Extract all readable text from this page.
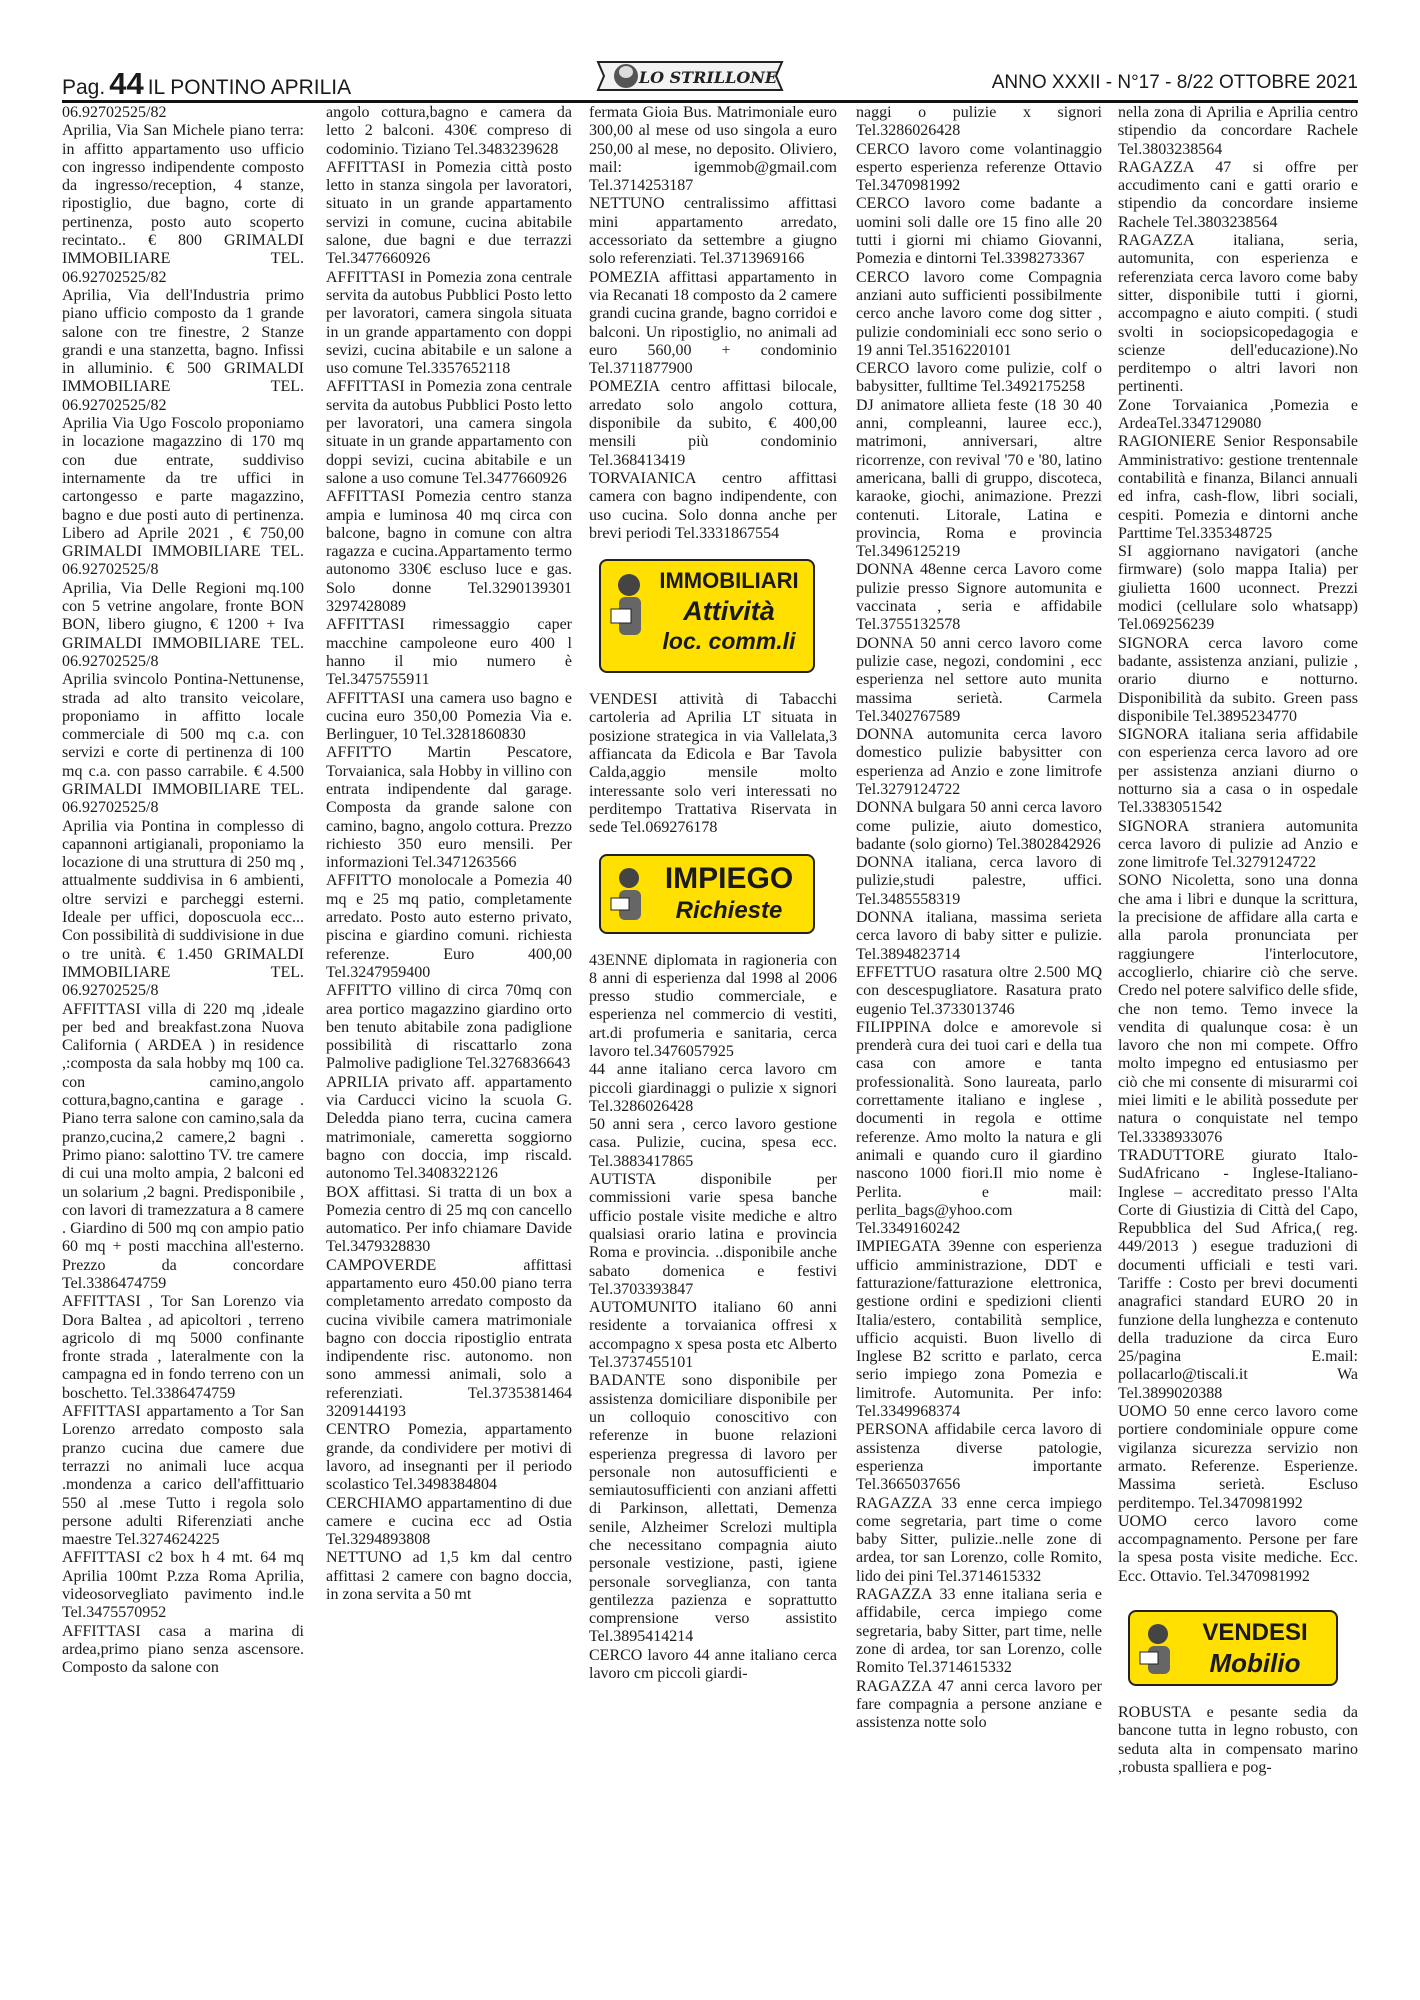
Pag. 44 IL PONTINO APRILIA	LO STRILLONE	ANNO XXXII - N°17 - 8/22 OTTOBRE 2021

06.92702525/82

Aprilia, Via San Michele piano terra: in affitto appartamento uso ufficio con ingresso indipendente composto da ingresso/reception, 4 stanze, ripostiglio, due bagno, corte di pertinenza, posto auto scoperto recintato.. € 800 GRIMALDI IMMOBILIARE TEL. 06.92702525/82

Aprilia, Via dell'Industria primo piano ufficio composto da 1 grande salone con tre finestre, 2 Stanze grandi e una stanzetta, bagno. Infissi in alluminio. € 500 GRIMALDI IMMOBILIARE TEL. 06.92702525/82

Aprilia Via Ugo Foscolo proponiamo in locazione magazzino di 170 mq con due entrate, suddiviso internamente da tre uffici in cartongesso e parte magazzino, bagno e due posti auto di pertinenza. Libero ad Aprile 2021 , € 750,00 GRIMALDI IMMOBILIARE TEL. 06.92702525/8

Aprilia, Via Delle Regioni mq.100 con 5 vetrine angolare, fronte BON BON, libero giugno, € 1200 + Iva GRIMALDI IMMOBILIARE TEL. 06.92702525/8

Aprilia svincolo Pontina-Nettunense, strada ad alto transito veicolare, proponiamo in affitto locale commerciale di 500 mq c.a. con servizi e corte di pertinenza di 100 mq c.a. con passo carrabile. € 4.500 GRIMALDI IMMOBILIARE TEL. 06.92702525/8

Aprilia via Pontina in complesso di capannoni artigianali, proponiamo la locazione di una struttura di 250 mq , attualmente suddivisa in 6 ambienti, oltre servizi e parcheggi esterni. Ideale per uffici, doposcuola ecc... Con possibilità di suddivisione in due o tre unità. € 1.450 GRIMALDI IMMOBILIARE TEL. 06.92702525/8

AFFITTASI villa di 220 mq ,ideale per bed and breakfast.zona Nuova California ( ARDEA ) in residence ,:composta da sala hobby mq 100 ca. con camino,angolo cottura,bagno,cantina e garage . Piano terra salone con camino,sala da pranzo,cucina,2 camere,2 bagni . Primo piano: salottino TV. tre camere di cui una molto ampia, 2 balconi ed un solarium ,2 bagni. Predisponibile , con lavori di tramezzatura a 8 camere . Giardino di 500 mq con ampio patio 60 mq + posti macchina all'esterno. Prezzo da concordare Tel.3386474759

AFFITTASI , Tor San Lorenzo via Dora Baltea , ad apicoltori , terreno agricolo di mq 5000 confinante fronte strada , lateralmente con la campagna ed in fondo terreno con un boschetto. Tel.3386474759

AFFITTASI appartamento a Tor San Lorenzo arredato composto sala pranzo cucina due camere due terrazzi no animali luce acqua .mondenza a carico dell'affittuario 550 al .mese Tutto i regola solo persone adulti Riferenziati anche maestre Tel.3274624225

AFFITTASI c2 box h 4 mt. 64 mq Aprilia 100mt P.zza Roma Aprilia, videosorvegliato pavimento ind.le Tel.3475570952

AFFITTASI casa a marina di ardea,primo piano senza ascensore. Composto da salone con

angolo cottura,bagno e camera da letto 2 balconi. 430€ compreso di codominio. Tiziano Tel.3483239628

AFFITTASI in Pomezia città posto letto in stanza singola per lavoratori, situato in un grande appartamento servizi in comune, cucina abitabile salone, due bagni e due terrazzi Tel.3477660926

AFFITTASI in Pomezia zona centrale servita da autobus Pubblici Posto letto per lavoratori, camera singola situata in un grande appartamento con doppi sevizi, cucina abitabile e un salone a uso comune Tel.3357652118

AFFITTASI in Pomezia zona centrale servita da autobus Pubblici Posto letto per lavoratori, una camera singola situate in un grande appartamento con doppi sevizi, cucina abitabile e un salone a uso comune Tel.3477660926

AFFITTASI Pomezia centro stanza ampia e luminosa 40 mq circa con balcone, bagno in comune con altra ragazza e cucina.Appartamento termo autonomo 330€ escluso luce e gas. Solo donne Tel.3290139301 3297428089

AFFITTASI rimessaggio caper macchine campoleone euro 400 l hanno il mio numero è Tel.3475755911

AFFITTASI una camera uso bagno e cucina euro 350,00 Pomezia Via e. Berlinguer, 10 Tel.3281860830

AFFITTO Martin Pescatore, Torvaianica, sala Hobby in villino con entrata indipendente dal garage. Composta da grande salone con camino, bagno, angolo cottura. Prezzo richiesto 350 euro mensili. Per informazioni Tel.3471263566

AFFITTO monolocale a Pomezia 40 mq e 25 mq patio, completamente arredato. Posto auto esterno privato, piscina e giardino comuni. richiesta referenze. Euro 400,00 Tel.3247959400

AFFITTO villino di circa 70mq con area portico magazzino giardino orto ben tenuto abitabile zona padiglione possibilità di riscattarlo zona Palmolive padiglione Tel.3276836643

APRILIA privato aff. appartamento via Carducci vicino la scuola G. Deledda piano terra, cucina camera matrimoniale, cameretta soggiorno bagno con doccia, imp riscald. autonomo Tel.3408322126

BOX affittasi. Si tratta di un box a Pomezia centro di 25 mq con cancello automatico. Per info chiamare Davide Tel.3479328830

CAMPOVERDE affittasi appartamento euro 450.00 piano terra completamento arredato composto da cucina vivibile camera matrimoniale bagno con doccia ripostiglio entrata indipendente risc. autonomo. non sono ammessi animali, solo a referenziati. Tel.3735381464 3209144193

CENTRO Pomezia, appartamento grande, da condividere per motivi di lavoro, ad insegnanti per il periodo scolastico Tel.3498384804

CERCHIAMO appartamentino di due camere e cucina ecc ad Ostia Tel.3294893808

NETTUNO ad 1,5 km dal centro affittasi 2 camere con bagno doccia, in zona servita a 50 mt

fermata Gioia Bus. Matrimoniale euro 300,00 al mese od uso singola a euro 250,00 al mese, no deposito. Oliviero, mail: igemmob@gmail.com Tel.3714253187

NETTUNO centralissimo affittasi mini appartamento arredato, accessoriato da settembre a giugno solo referenziati. Tel.3713969166

POMEZIA affittasi appartamento in via Recanati 18 composto da 2 camere grandi cucina grande, bagno corridoi e balconi. Un ripostiglio, no animali ad euro 560,00 + condominio Tel.3711877900

POMEZIA centro affittasi bilocale, arredato solo angolo cottura, disponibile da subito, € 400,00 mensili più condominio Tel.368413419

TORVAIANICA centro affittasi camera con bagno indipendente, con uso cucina. Solo donna anche per brevi periodi Tel.3331867554

IMMOBILIARI
Attività
loc. comm.li

VENDESI attività di Tabacchi cartoleria ad Aprilia LT situata in posizione strategica in via Vallelata,3 affiancata da Edicola e Bar Tavola Calda,aggio mensile molto interessante solo veri interessati no perditempo Trattativa Riservata in sede Tel.069276178

IMPIEGO
Richieste

43ENNE diplomata in ragioneria con 8 anni di esperienza dal 1998 al 2006 presso studio commerciale, e esperienza nel commercio di vestiti, art.di profumeria e sanitaria, cerca lavoro tel.3476057925

44 anne italiano cerca lavoro cm piccoli giardinaggi o pulizie x signori Tel.3286026428

50 anni sera , cerco lavoro gestione casa. Pulizie, cucina, spesa ecc. Tel.3883417865

AUTISTA disponibile per commissioni varie spesa banche ufficio postale visite mediche e altro qualsiasi orario latina e provincia Roma e provincia. ..disponibile anche sabato domenica e festivi Tel.3703393847

AUTOMUNITO italiano 60 anni residente a torvaianica offresi x accompagno x spesa posta etc Alberto Tel.3737455101

BADANTE sono disponibile per assistenza domiciliare disponibile per un colloquio conoscitivo con referenze in buone relazioni esperienza pregressa di lavoro per personale non autosufficienti e semiautosufficienti con anziani affetti di Parkinson, allettati, Demenza senile, Alzheimer Screlozi multipla che necessitano compagnia aiuto personale vestizione, pasti, igiene personale sorveglianza, con tanta gentilezza pazienza e soprattutto comprensione verso assistito Tel.3895414214

CERCO lavoro 44 anne italiano cerca lavoro cm piccoli giardi-

naggi o pulizie x signori Tel.3286026428

CERCO lavoro come volantinaggio esperto esperienza referenze Ottavio Tel.3470981992

CERCO lavoro come badante a uomini soli dalle ore 15 fino alle 20 tutti i giorni mi chiamo Giovanni, Pomezia e dintorni Tel.3398273367

CERCO lavoro come Compagnia anziani auto sufficienti possibilmente cerco anche lavoro come dog sitter , pulizie condominiali ecc sono serio o 19 anni Tel.3516220101

CERCO lavoro come pulizie, colf o babysitter, fulltime Tel.3492175258

DJ animatore allieta feste (18 30 40 anni, compleanni, lauree ecc.), matrimoni, anniversari, altre ricorrenze, con revival '70 e '80, latino americana, balli di gruppo, discoteca, karaoke, giochi, animazione. Prezzi contenuti. Litorale, Latina e provincia, Roma e provincia Tel.3496125219

DONNA 48enne cerca Lavoro come pulizie presso Signore automunita e vaccinata , seria e affidabile Tel.3755132578

DONNA 50 anni cerco lavoro come pulizie case, negozi, condomini , ecc esperienza nel settore auto munita massima serietà. Carmela Tel.3402767589

DONNA automunita cerca lavoro domestico pulizie babysitter con esperienza ad Anzio e zone limitrofe Tel.3279124722

DONNA bulgara 50 anni cerca lavoro come pulizie, aiuto domestico, badante (solo giorno) Tel.3802842926

DONNA italiana, cerca lavoro di pulizie,studi palestre, uffici. Tel.3485558319

DONNA italiana, massima serieta cerca lavoro di baby sitter e pulizie. Tel.3894823714

EFFETTUO rasatura oltre 2.500 MQ con descespugliatore. Rasatura prato eugenio Tel.3733013746

FILIPPINA dolce e amorevole si prenderà cura dei tuoi cari e della tua casa con amore e tanta professionalità. Sono laureata, parlo correttamente italiano e inglese , documenti in regola e ottime referenze. Amo molto la natura e gli animali e quando curo il giardino nascono 1000 fiori.Il mio nome è Perlita. e mail: perlita_bags@yhoo.com Tel.3349160242

IMPIEGATA 39enne con esperienza ufficio amministrazione, DDT e fatturazione/fatturazione elettronica, gestione ordini e spedizioni clienti Italia/estero, contabilità semplice, ufficio acquisti. Buon livello di Inglese B2 scritto e parlato, cerca serio impiego zona Pomezia e limitrofe. Automunita. Per info: Tel.3349968374

PERSONA affidabile cerca lavoro di assistenza diverse patologie, esperienza importante Tel.3665037656

RAGAZZA 33 enne cerca impiego come segretaria, part time o come baby Sitter, pulizie..nelle zone di ardea, tor san Lorenzo, colle Romito, lido dei pini Tel.3714615332

RAGAZZA 33 enne italiana seria e affidabile, cerca impiego come segretaria, baby Sitter, part time, nelle zone di ardea, tor san Lorenzo, colle Romito Tel.3714615332

RAGAZZA 47 anni cerca lavoro per fare compagnia a persone anziane e assistenza notte solo

nella zona di Aprilia e Aprilia centro stipendio da concordare Rachele Tel.3803238564

RAGAZZA 47 si offre per accudimento cani e gatti orario e stipendio da concordare insieme Rachele Tel.3803238564

RAGAZZA italiana, seria, automunita, con esperienza e referenziata cerca lavoro come baby sitter, disponibile tutti i giorni, accompagno e aiuto compiti. ( studi svolti in sociopsicopedagogia e scienze dell'educazione).No perditempo o altri lavori non pertinenti.

Zone Torvaianica ,Pomezia e ArdeaTel.3347129080

RAGIONIERE Senior Responsabile Amministrativo: gestione trentennale contabilità e finanza, Bilanci annuali ed infra, cash-flow, libri sociali, cespiti. Pomezia e dintorni anche Parttime Tel.335348725

SI aggiornano navigatori (anche firmware) (solo mappa Italia) per giulietta 1600 uconnect. Prezzi modici (cellulare solo whatsapp) Tel.069256239

SIGNORA cerca lavoro come badante, assistenza anziani, pulizie , orario diurno e notturno. Disponibilità da subito. Green pass disponibile Tel.3895234770

SIGNORA italiana seria affidabile con esperienza cerca lavoro ad ore per assistenza anziani diurno o notturno sia a casa o in ospedale Tel.3383051542

SIGNORA straniera automunita cerca lavoro di pulizie ad Anzio e zone limitrofe Tel.3279124722

SONO Nicoletta, sono una donna che ama i libri e dunque la scrittura, la precisione de affidare alla carta e alla parola pronunciata per raggiungere l'interlocutore, accoglierlo, chiarire ciò che serve. Credo nel potere salvifico delle sfide, che non temo. Temo invece la vendita di qualunque cosa: è un lavoro che non mi compete. Offro molto impegno ed entusiasmo per ciò che mi consente di misurarmi coi miei limiti e le abilità possedute per natura o conquistate nel tempo Tel.3338933076

TRADUTTORE giurato Italo-SudAfricano - Inglese-Italiano-Inglese – accreditato presso l'Alta Corte di Giustizia di Città del Capo, Repubblica del Sud Africa,( reg. 449/2013 ) esegue traduzioni di documenti ufficiali e testi vari. Tariffe : Costo per brevi documenti anagrafici standard EURO 20 in funzione della lunghezza e contenuto della traduzione da circa Euro 25/pagina E.mail: pollacarlo@tiscali.it Wa Tel.3899020388

UOMO 50 enne cerco lavoro come portiere condominiale oppure come vigilanza sicurezza servizio non armato. Referenze. Esperienze. Massima serietà. Escluso perditempo. Tel.3470981992

UOMO cerco lavoro come accompagnamento. Persone per fare la spesa posta visite mediche. Ecc. Ecc. Ottavio. Tel.3470981992

VENDESI
Mobilio

ROBUSTA e pesante sedia da bancone tutta in legno robusto, con seduta alta in compensato marino ,robusta spalliera e pog-
